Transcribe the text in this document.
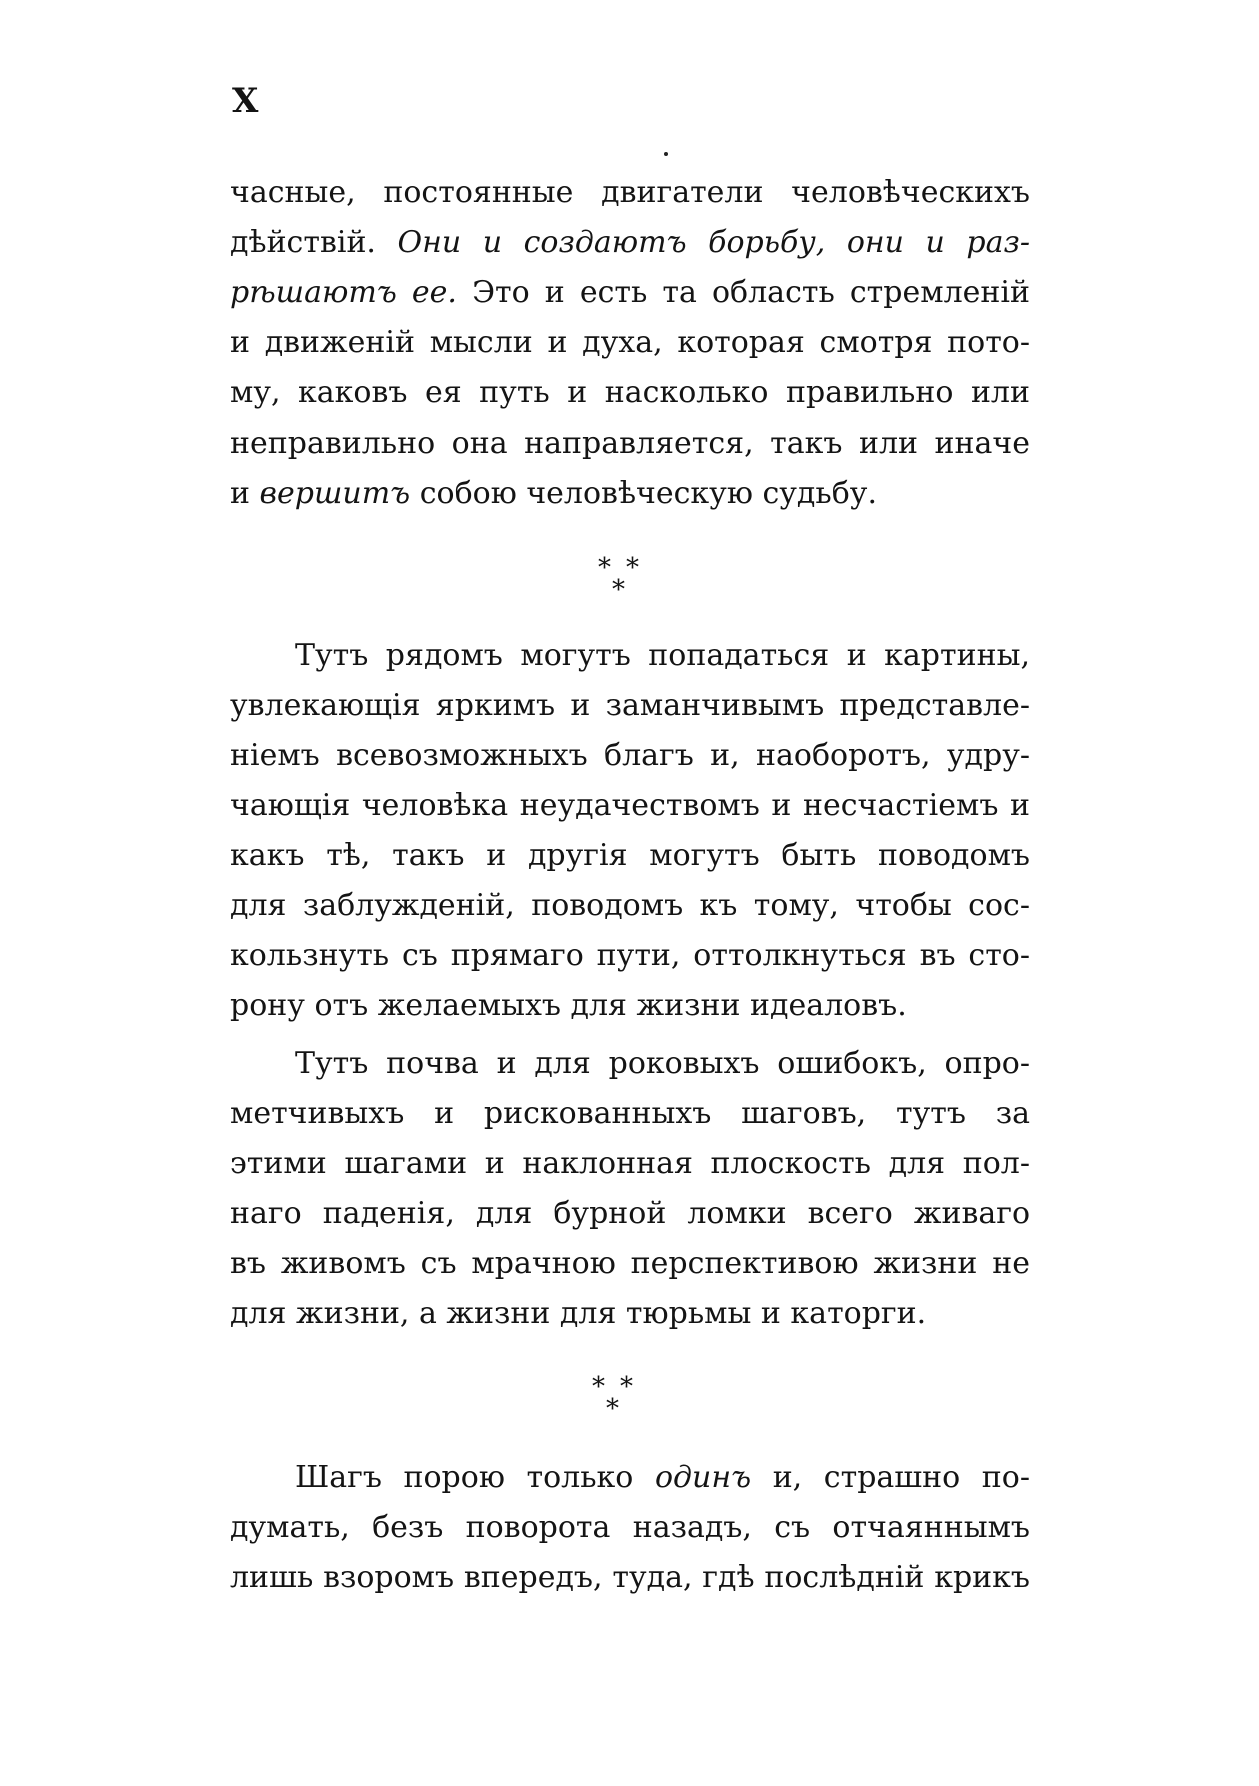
X
часные, постоянные двигатели человѣческихъ
дѣйствій. Они и создаютъ борьбу, они и раз-
рѣшаютъ ее. Это и есть та область стремленій
и движеній мысли и духа, которая смотря пото-
му, каковъ ея путь и насколько правильно или
неправильно она направляется, такъ или иначе
и вершитъ собою человѣческую судьбу.
* *
*
Тутъ рядомъ могутъ попадаться и картины,
увлекающія яркимъ и заманчивымъ представле-
ніемъ всевозможныхъ благъ и, наоборотъ, удру-
чающія человѣка неудачествомъ и несчастіемъ и
какъ тѣ, такъ и другія могутъ быть поводомъ
для заблужденій, поводомъ къ тому, чтобы сос-
кользнуть съ прямаго пути, оттолкнуться въ сто-
рону отъ желаемыхъ для жизни идеаловъ.
Тутъ почва и для роковыхъ ошибокъ, опро-
метчивыхъ и рискованныхъ шаговъ, тутъ за
этими шагами и наклонная плоскость для пол-
наго паденія, для бурной ломки всего живаго
въ живомъ съ мрачною перспективою жизни не
для жизни, а жизни для тюрьмы и каторги.
* *
*
Шагъ порою только одинъ и, страшно по-
думать, безъ поворота назадъ, съ отчаяннымъ
лишь взоромъ впередъ, туда, гдѣ послѣдній крикъ
